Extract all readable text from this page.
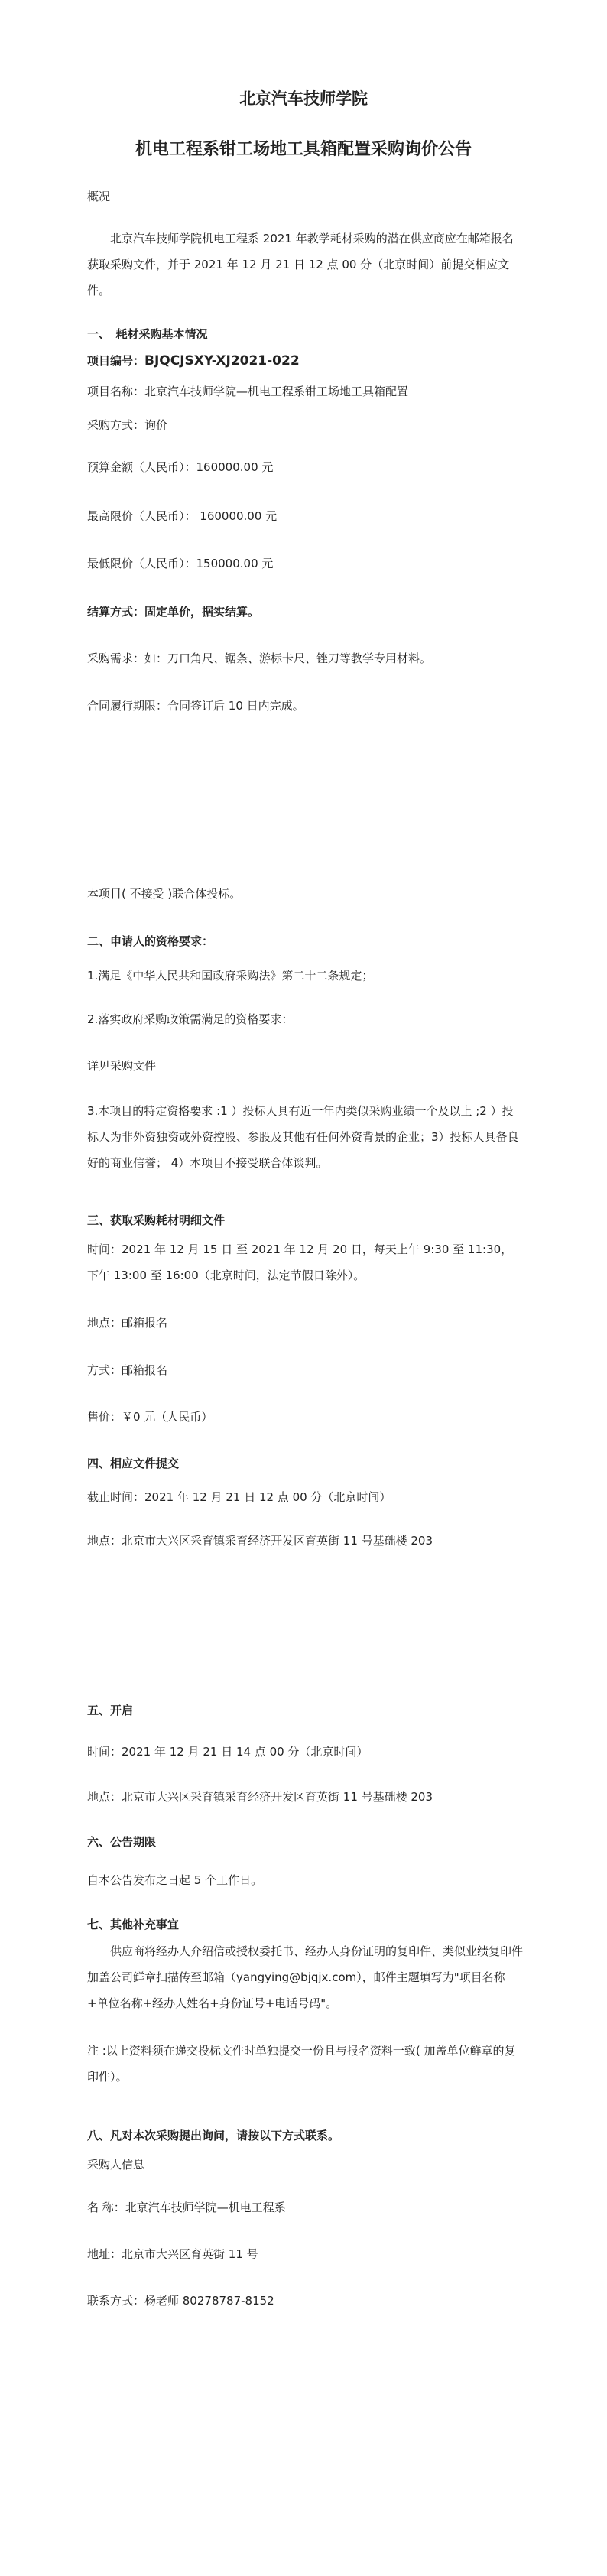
北京汽车技师学院
机电工程系钳工场地工具箱配置采购询价公告
概况
北京汽车技师学院机电工程系 2021 年教学耗材采购的潜在供应商应在邮箱报名获取采购文件，并于 2021 年 12 月 21 日 12 点 00 分（北京时间）前提交相应文件。
一、　耗材采购基本情况
项目编号：BJQCJSXY-XJ2021-022
项目名称：北京汽车技师学院—机电工程系钳工场地工具箱配置
采购方式：询价
预算金额（人民币）：160000.00 元
最高限价（人民币）： 160000.00 元
最低限价（人民币）：150000.00 元
结算方式：固定单价，据实结算。
采购需求：如：刀口角尺、锯条、游标卡尺、锉刀等教学专用材料。
合同履行期限：合同签订后 10 日内完成。
本项目( 不接受 )联合体投标。
二、申请人的资格要求：
1.满足《中华人民共和国政府采购法》第二十二条规定；
2.落实政府采购政策需满足的资格要求：
详见采购文件
3.本项目的特定资格要求 :1 ）投标人具有近一年内类似采购业绩一个及以上 ;2 ）投标人为非外资独资或外资控股、参股及其他有任何外资背景的企业；3）投标人具备良好的商业信誉； 4）本项目不接受联合体谈判。
三、获取采购耗材明细文件
时间：2021 年 12 月 15 日 至 2021 年 12 月 20 日，每天上午 9:30 至 11:30，下午 13:00 至 16:00（北京时间，法定节假日除外）。
地点：邮箱报名
方式：邮箱报名
售价：￥0 元（人民币）
四、相应文件提交
截止时间：2021 年 12 月 21 日 12 点 00 分（北京时间）
地点：北京市大兴区采育镇采育经济开发区育英街 11 号基础楼 203
五、开启
时间：2021 年 12 月 21 日 14 点 00 分（北京时间）
地点：北京市大兴区采育镇采育经济开发区育英街 11 号基础楼 203
六、公告期限
自本公告发布之日起 5 个工作日。
七、其他补充事宜
供应商将经办人介绍信或授权委托书、经办人身份证明的复印件、类似业绩复印件加盖公司鲜章扫描传至邮箱（yangying@bjqjx.com），邮件主题填写为"项目名称+单位名称+经办人姓名+身份证号+电话号码"。
注 :以上资料须在递交投标文件时单独提交一份且与报名资料一致( 加盖单位鲜章的复印件）。
八、凡对本次采购提出询问，请按以下方式联系。
采购人信息
名 称：北京汽车技师学院—机电工程系
地址：北京市大兴区育英街 11 号
联系方式：杨老师 80278787-8152
